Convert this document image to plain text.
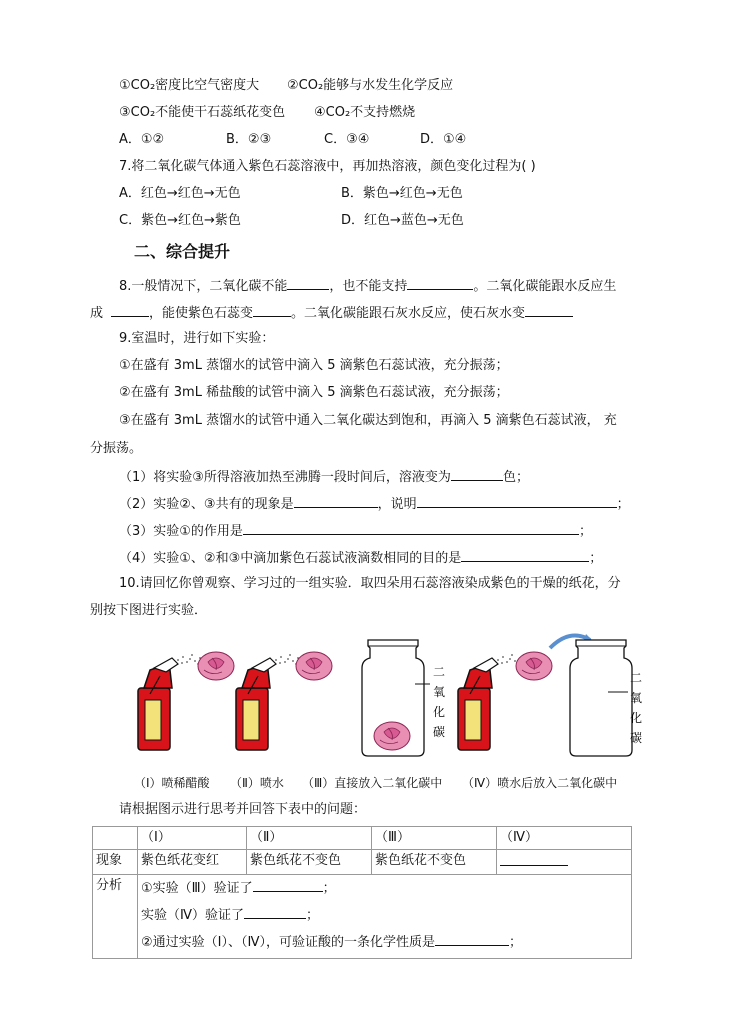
①CO₂密度比空气密度大 ②CO₂能够与水发生化学反应
③CO₂不能使干石蕊纸花变色 ④CO₂不支持燃烧
A．①②	B．②③	C．③④	D．①④
7.将二氧化碳气体通入紫色石蕊溶液中，再加热溶液，颜色变化过程为( )
A．红色→红色→无色	B．紫色→红色→无色
C．紫色→红色→紫色	D．红色→蓝色→无色
二、综合提升
8.一般情况下，二氧化碳不能	，也不能支持	。二氧化碳能跟水反应生
成	，能使紫色石蕊变	。二氧化碳能跟石灰水反应，使石灰水变
9.室温时，进行如下实验：
①在盛有 3mL 蒸馏水的试管中滴入 5 滴紫色石蕊试液，充分振荡；
②在盛有 3mL 稀盐酸的试管中滴入 5 滴紫色石蕊试液，充分振荡；
③在盛有 3mL 蒸馏水的试管中通入二氧化碳达到饱和，再滴入 5 滴紫色石蕊试液， 充
分振荡。
（1）将实验③所得溶液加热至沸腾一段时间后，溶液变为	色；
（2）实验②、③共有的现象是	，说明	；
（3）实验①的作用是	；
（4）实验①、②和③中滴加紫色石蕊试液滴数相同的目的是	；
10.请回忆你曾观察、学习过的一组实验．取四朵用石蕊溶液染成紫色的干燥的纸花，分
别按下图进行实验．
二
氧
化
碳
二
氧
化
碳
（Ⅰ）喷稀醋酸 （Ⅱ）喷水 （Ⅲ）直接放入二氧化碳中 （Ⅳ）喷水后放入二氧化碳中
请根据图示进行思考并回答下表中的问题：
	（Ⅰ）	（Ⅱ）	（Ⅲ）	（Ⅳ）
现象	紫色纸花变红	紫色纸花不变色	紫色纸花不变色	
分析	①实验（Ⅲ）验证了 ；
实验（Ⅳ）验证了 ；
②通过实验（Ⅰ）、（Ⅳ），可验证酸的一条化学性质是 ；			
